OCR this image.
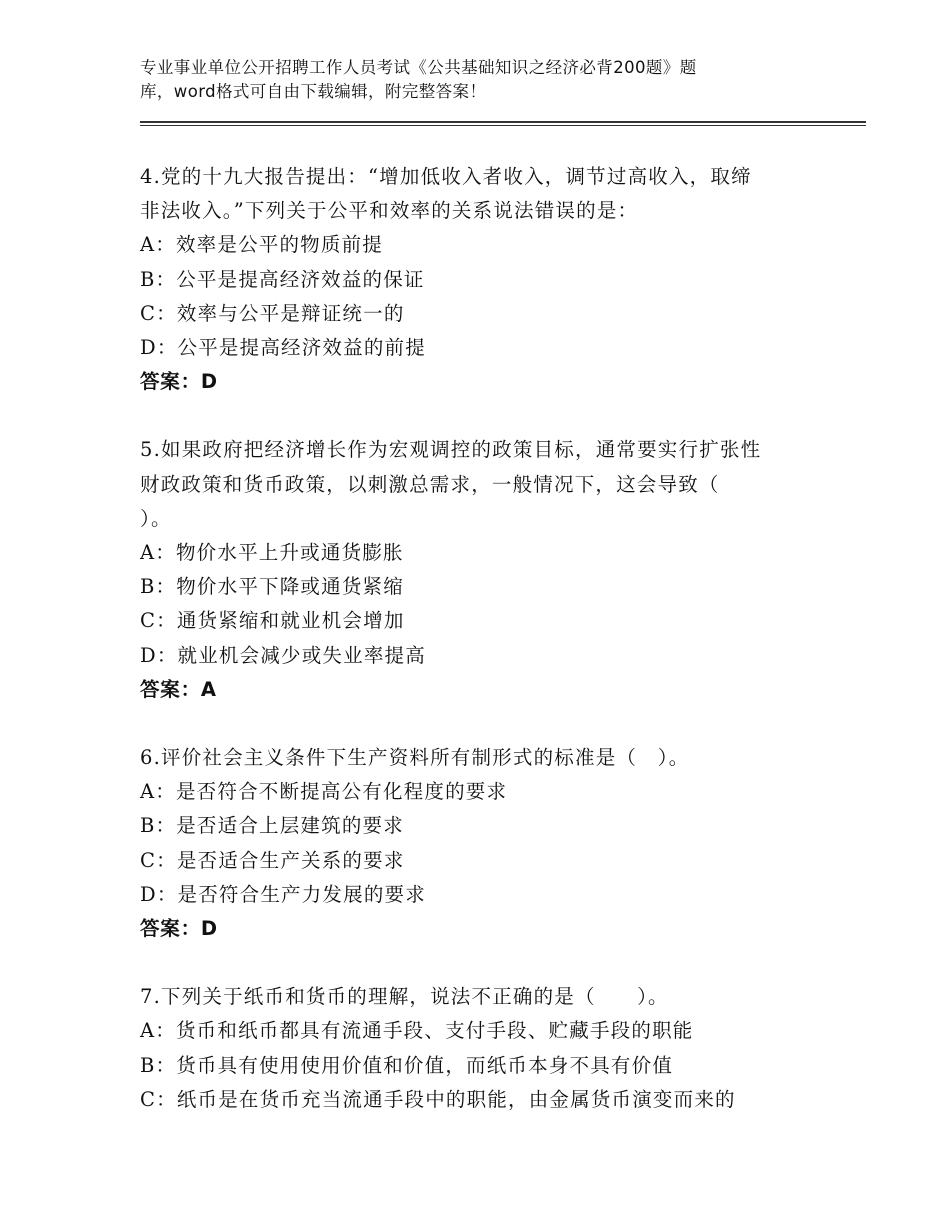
专业事业单位公开招聘工作人员考试《公共基础知识之经济必背200题》题
库，word格式可自由下载编辑，附完整答案！
4.党的十九大报告提出：“增加低收入者收入，调节过高收入，取缔
非法收入。”下列关于公平和效率的关系说法错误的是：
A：效率是公平的物质前提
B：公平是提高经济效益的保证
C：效率与公平是辩证统一的
D：公平是提高经济效益的前提
答案：D
5.如果政府把经济增长作为宏观调控的政策目标，通常要实行扩张性
财政政策和货币政策，以刺激总需求，一般情况下，这会导致（
）。
A：物价水平上升或通货膨胀
B：物价水平下降或通货紧缩
C：通货紧缩和就业机会增加
D：就业机会减少或失业率提高
答案：A
6.评价社会主义条件下生产资料所有制形式的标准是（　）。
A：是否符合不断提高公有化程度的要求
B：是否适合上层建筑的要求
C：是否适合生产关系的要求
D：是否符合生产力发展的要求
答案：D
7.下列关于纸币和货币的理解，说法不正确的是（　　）。
A：货币和纸币都具有流通手段、支付手段、贮藏手段的职能
B：货币具有使用使用价值和价值，而纸币本身不具有价值
C：纸币是在货币充当流通手段中的职能，由金属货币演变而来的
